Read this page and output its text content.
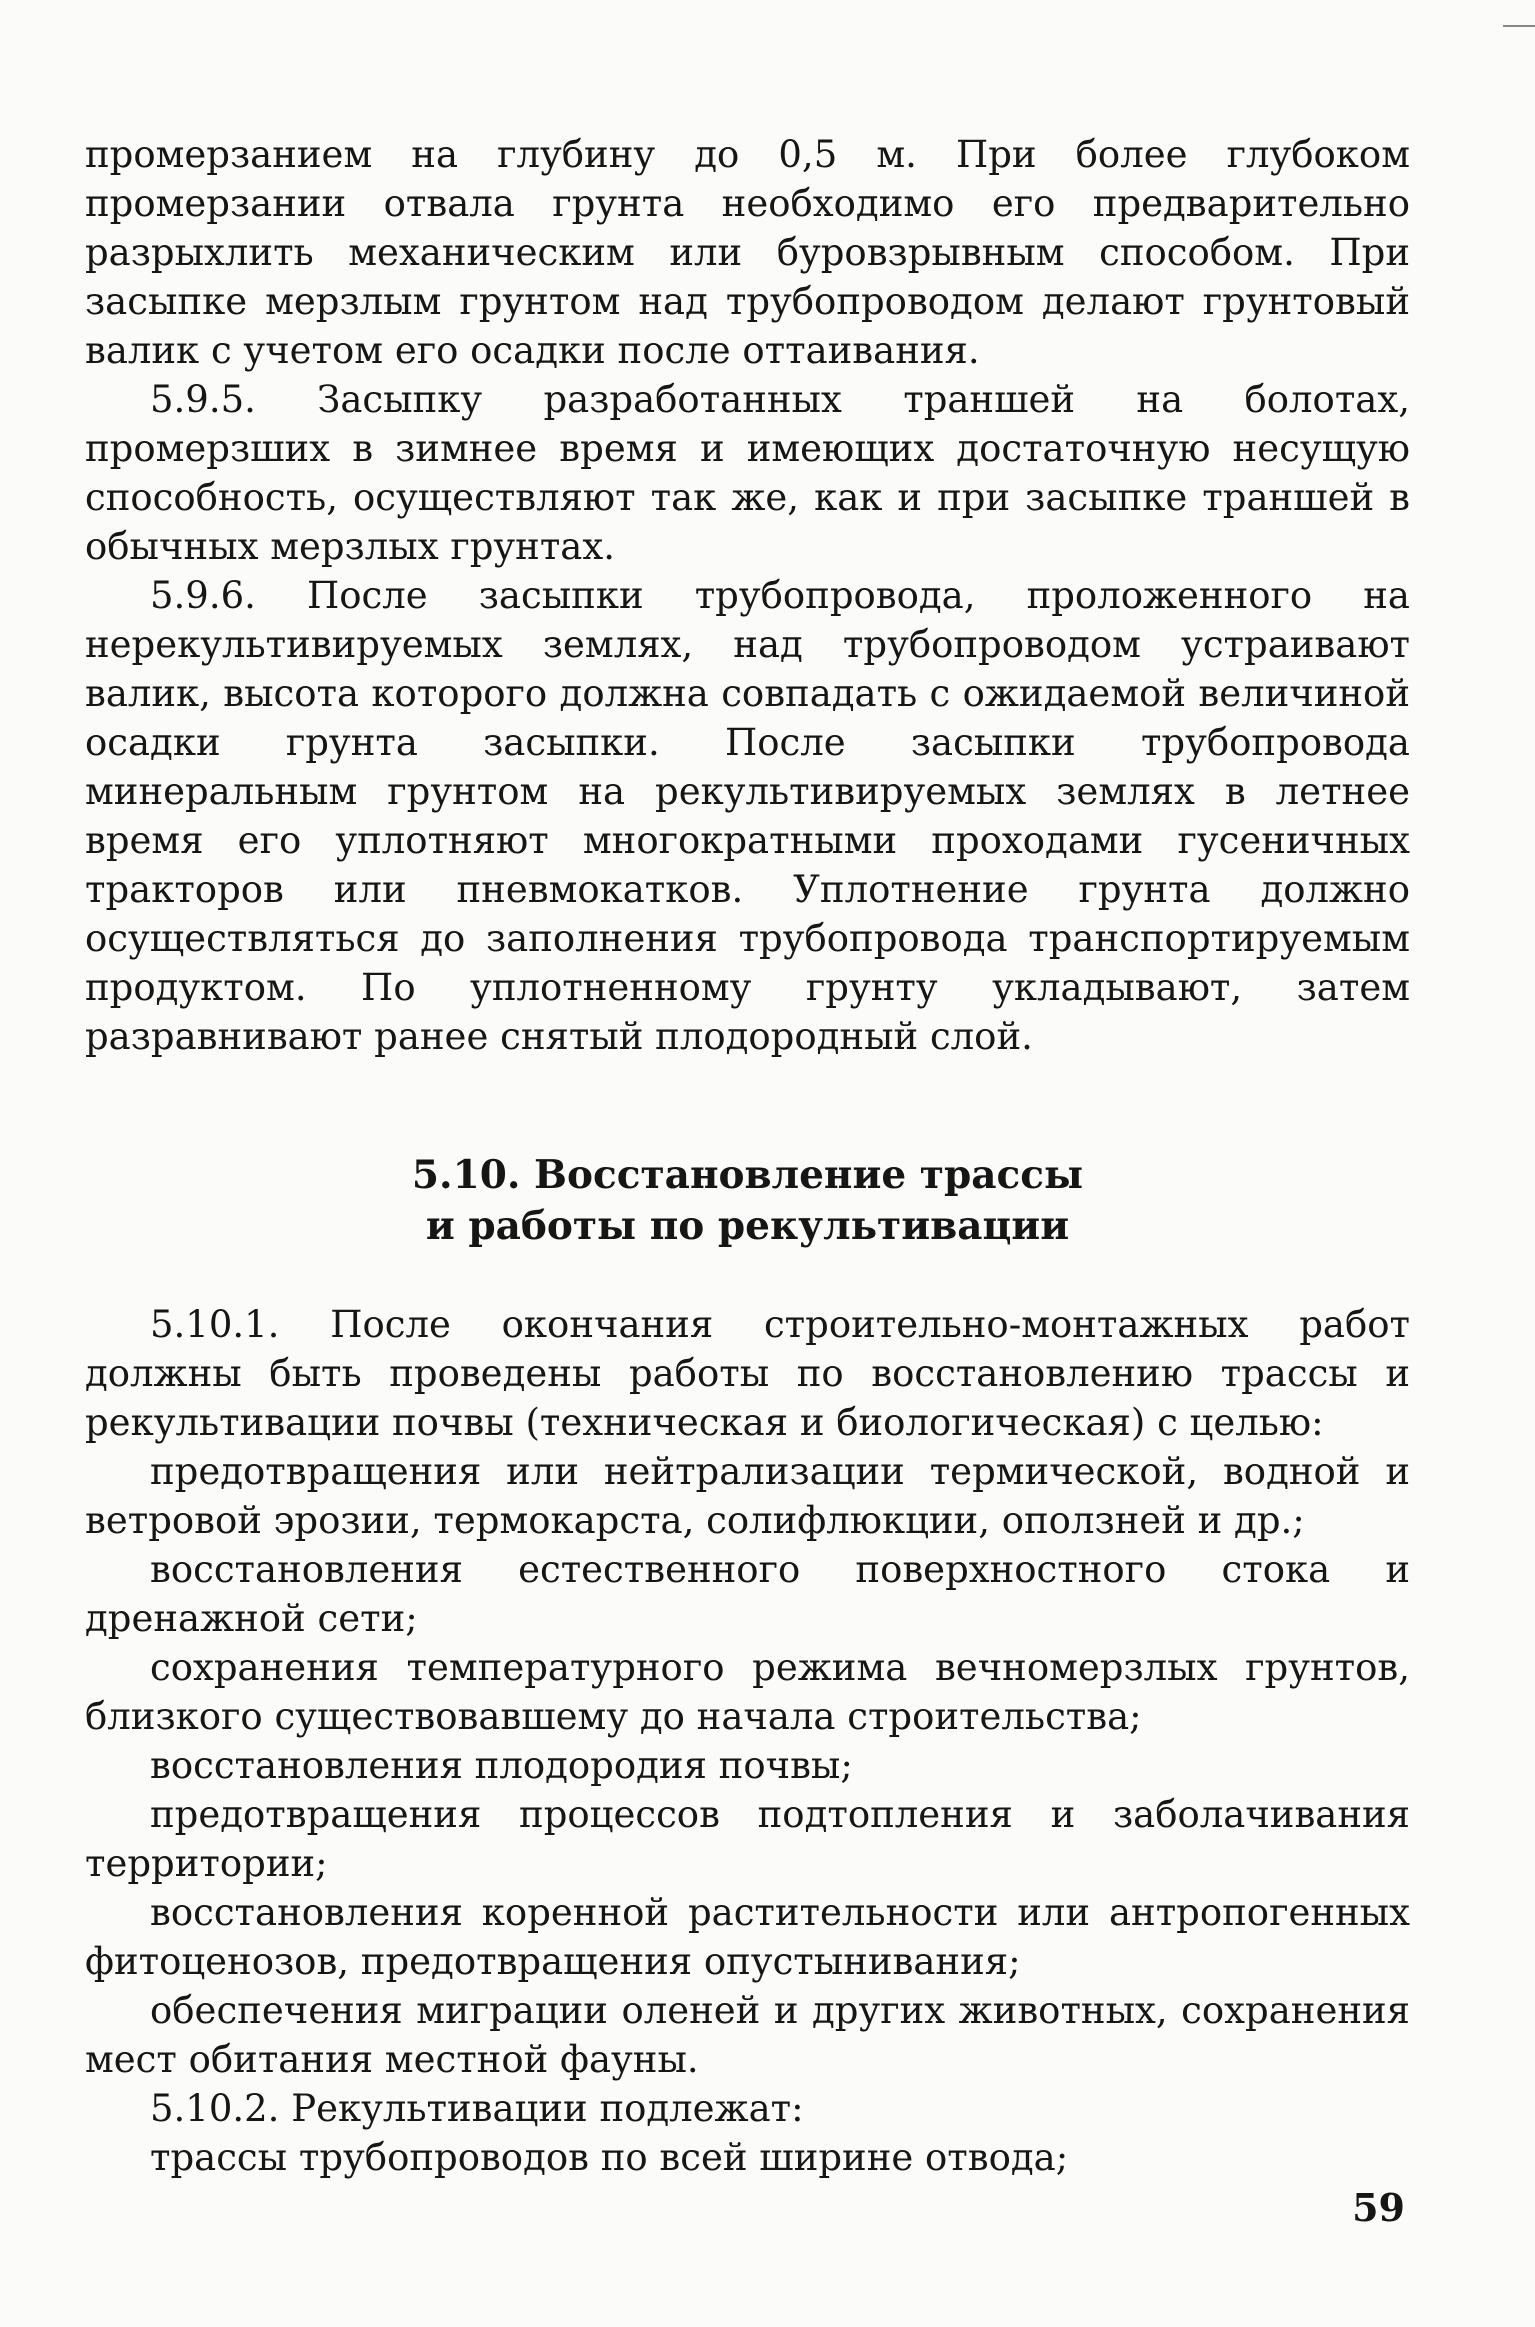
промерзанием на глубину до 0,5 м. При более глубоком промерзании отвала грунта необходимо его предварительно разрыхлить механическим или буровзрывным способом. При засыпке мерзлым грунтом над трубопроводом делают грунтовый валик с учетом его осадки после оттаивания.

5.9.5. Засыпку разработанных траншей на болотах, промерзших в зимнее время и имеющих достаточную несущую способность, осуществляют так же, как и при засыпке траншей в обычных мерзлых грунтах.

5.9.6. После засыпки трубопровода, проложенного на нерекультивируемых землях, над трубопроводом устраивают валик, высота которого должна совпадать с ожидаемой величиной осадки грунта засыпки. После засыпки трубопровода минеральным грунтом на рекультивируемых землях в летнее время его уплотняют многократными проходами гусеничных тракторов или пневмокатков. Уплотнение грунта должно осуществляться до заполнения трубопровода транспортируемым продуктом. По уплотненному грунту укладывают, затем разравнивают ранее снятый плодородный слой.

5.10. Восстановление трассы
и работы по рекультивации

5.10.1. После окончания строительно-монтажных работ должны быть проведены работы по восстановлению трассы и рекультивации почвы (техническая и биологическая) с целью:

предотвращения или нейтрализации термической, водной и ветровой эрозии, термокарста, солифлюкции, оползней и др.;

восстановления естественного поверхностного стока и дренажной сети;

сохранения температурного режима вечномерзлых грунтов, близкого существовавшему до начала строительства;

восстановления плодородия почвы;

предотвращения процессов подтопления и заболачивания территории;

восстановления коренной растительности или антропогенных фитоценозов, предотвращения опустынивания;

обеспечения миграции оленей и других животных, сохранения мест обитания местной фауны.

5.10.2. Рекультивации подлежат:

трассы трубопроводов по всей ширине отвода;

59
